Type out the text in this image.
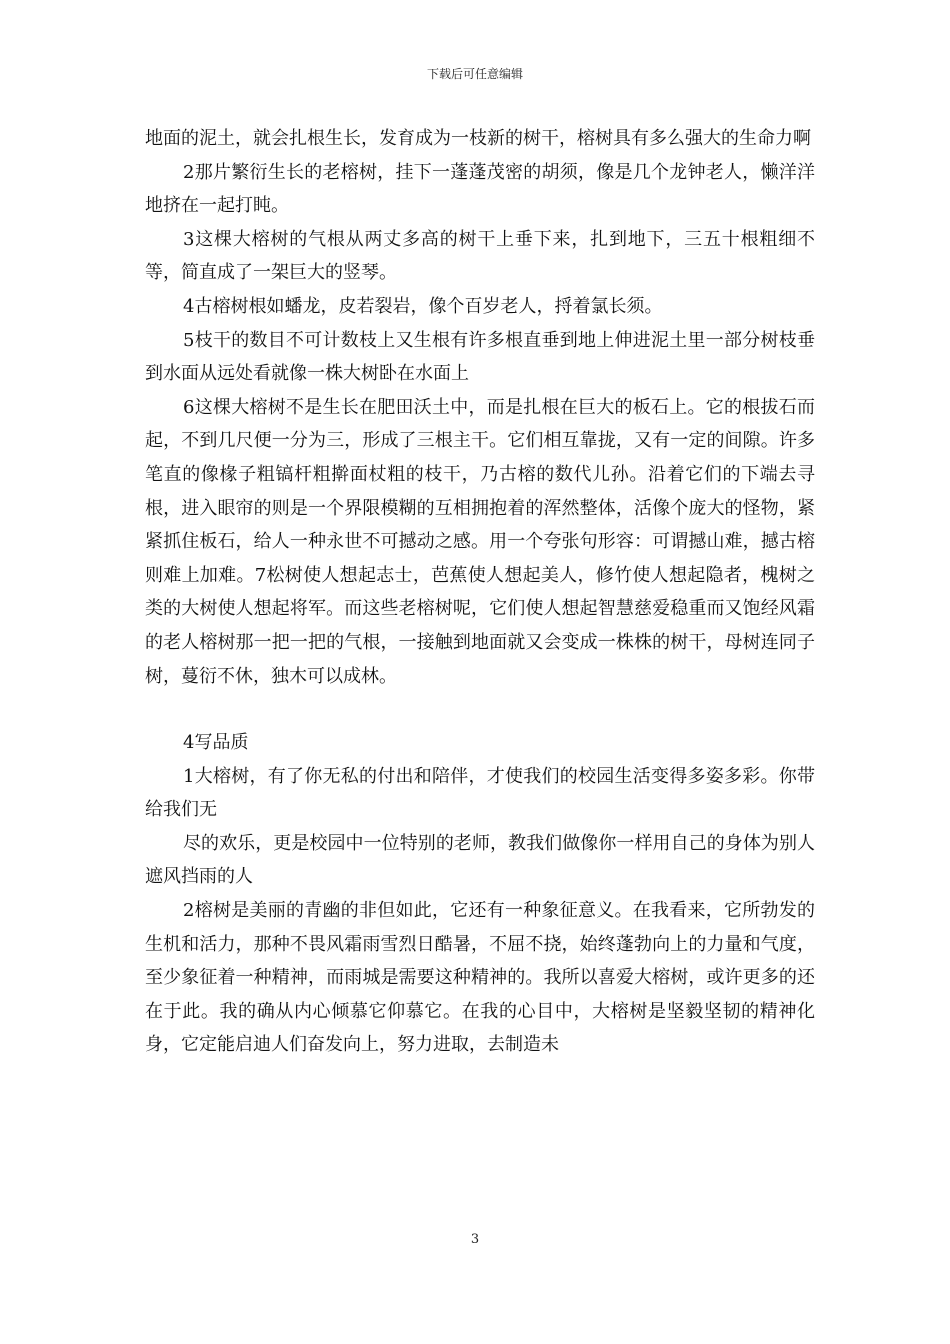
下载后可任意编辑

地面的泥土，就会扎根生长，发育成为一枝新的树干，榕树具有多么强大的生命力啊

2那片繁衍生长的老榕树，挂下一蓬蓬茂密的胡须，像是几个龙钟老人，懒洋洋地挤在一起打盹。

3这棵大榕树的气根从两丈多高的树干上垂下来，扎到地下，三五十根粗细不等，简直成了一架巨大的竖琴。

4古榕树根如蟠龙，皮若裂岩，像个百岁老人，捋着氯长须。

5枝干的数目不可计数枝上又生根有许多根直垂到地上伸进泥土里一部分树枝垂到水面从远处看就像一株大树卧在水面上

6这棵大榕树不是生长在肥田沃土中，而是扎根在巨大的板石上。它的根拔石而起，不到几尺便一分为三，形成了三根主干。它们相互靠拢，又有一定的间隙。许多笔直的像椽子粗镐杆粗擀面杖粗的枝干，乃古榕的数代儿孙。沿着它们的下端去寻根，进入眼帘的则是一个界限模糊的互相拥抱着的浑然整体，活像个庞大的怪物，紧紧抓住板石，给人一种永世不可撼动之感。用一个夸张句形容：可谓撼山难，撼古榕则难上加难。7松树使人想起志士，芭蕉使人想起美人，修竹使人想起隐者，槐树之类的大树使人想起将军。而这些老榕树呢，它们使人想起智慧慈爱稳重而又饱经风霜的老人榕树那一把一把的气根，一接触到地面就又会变成一株株的树干，母树连同子树，蔓衍不休，独木可以成林。

4写品质

1大榕树，有了你无私的付出和陪伴，才使我们的校园生活变得多姿多彩。你带给我们无

尽的欢乐，更是校园中一位特别的老师，教我们做像你一样用自己的身体为别人遮风挡雨的人

2榕树是美丽的青幽的非但如此，它还有一种象征意义。在我看来，它所勃发的生机和活力，那种不畏风霜雨雪烈日酷暑，不屈不挠，始终蓬勃向上的力量和气度，至少象征着一种精神，而雨城是需要这种精神的。我所以喜爱大榕树，或许更多的还在于此。我的确从内心倾慕它仰慕它。在我的心目中，大榕树是坚毅坚韧的精神化身，它定能启迪人们奋发向上，努力进取，去制造未

3
